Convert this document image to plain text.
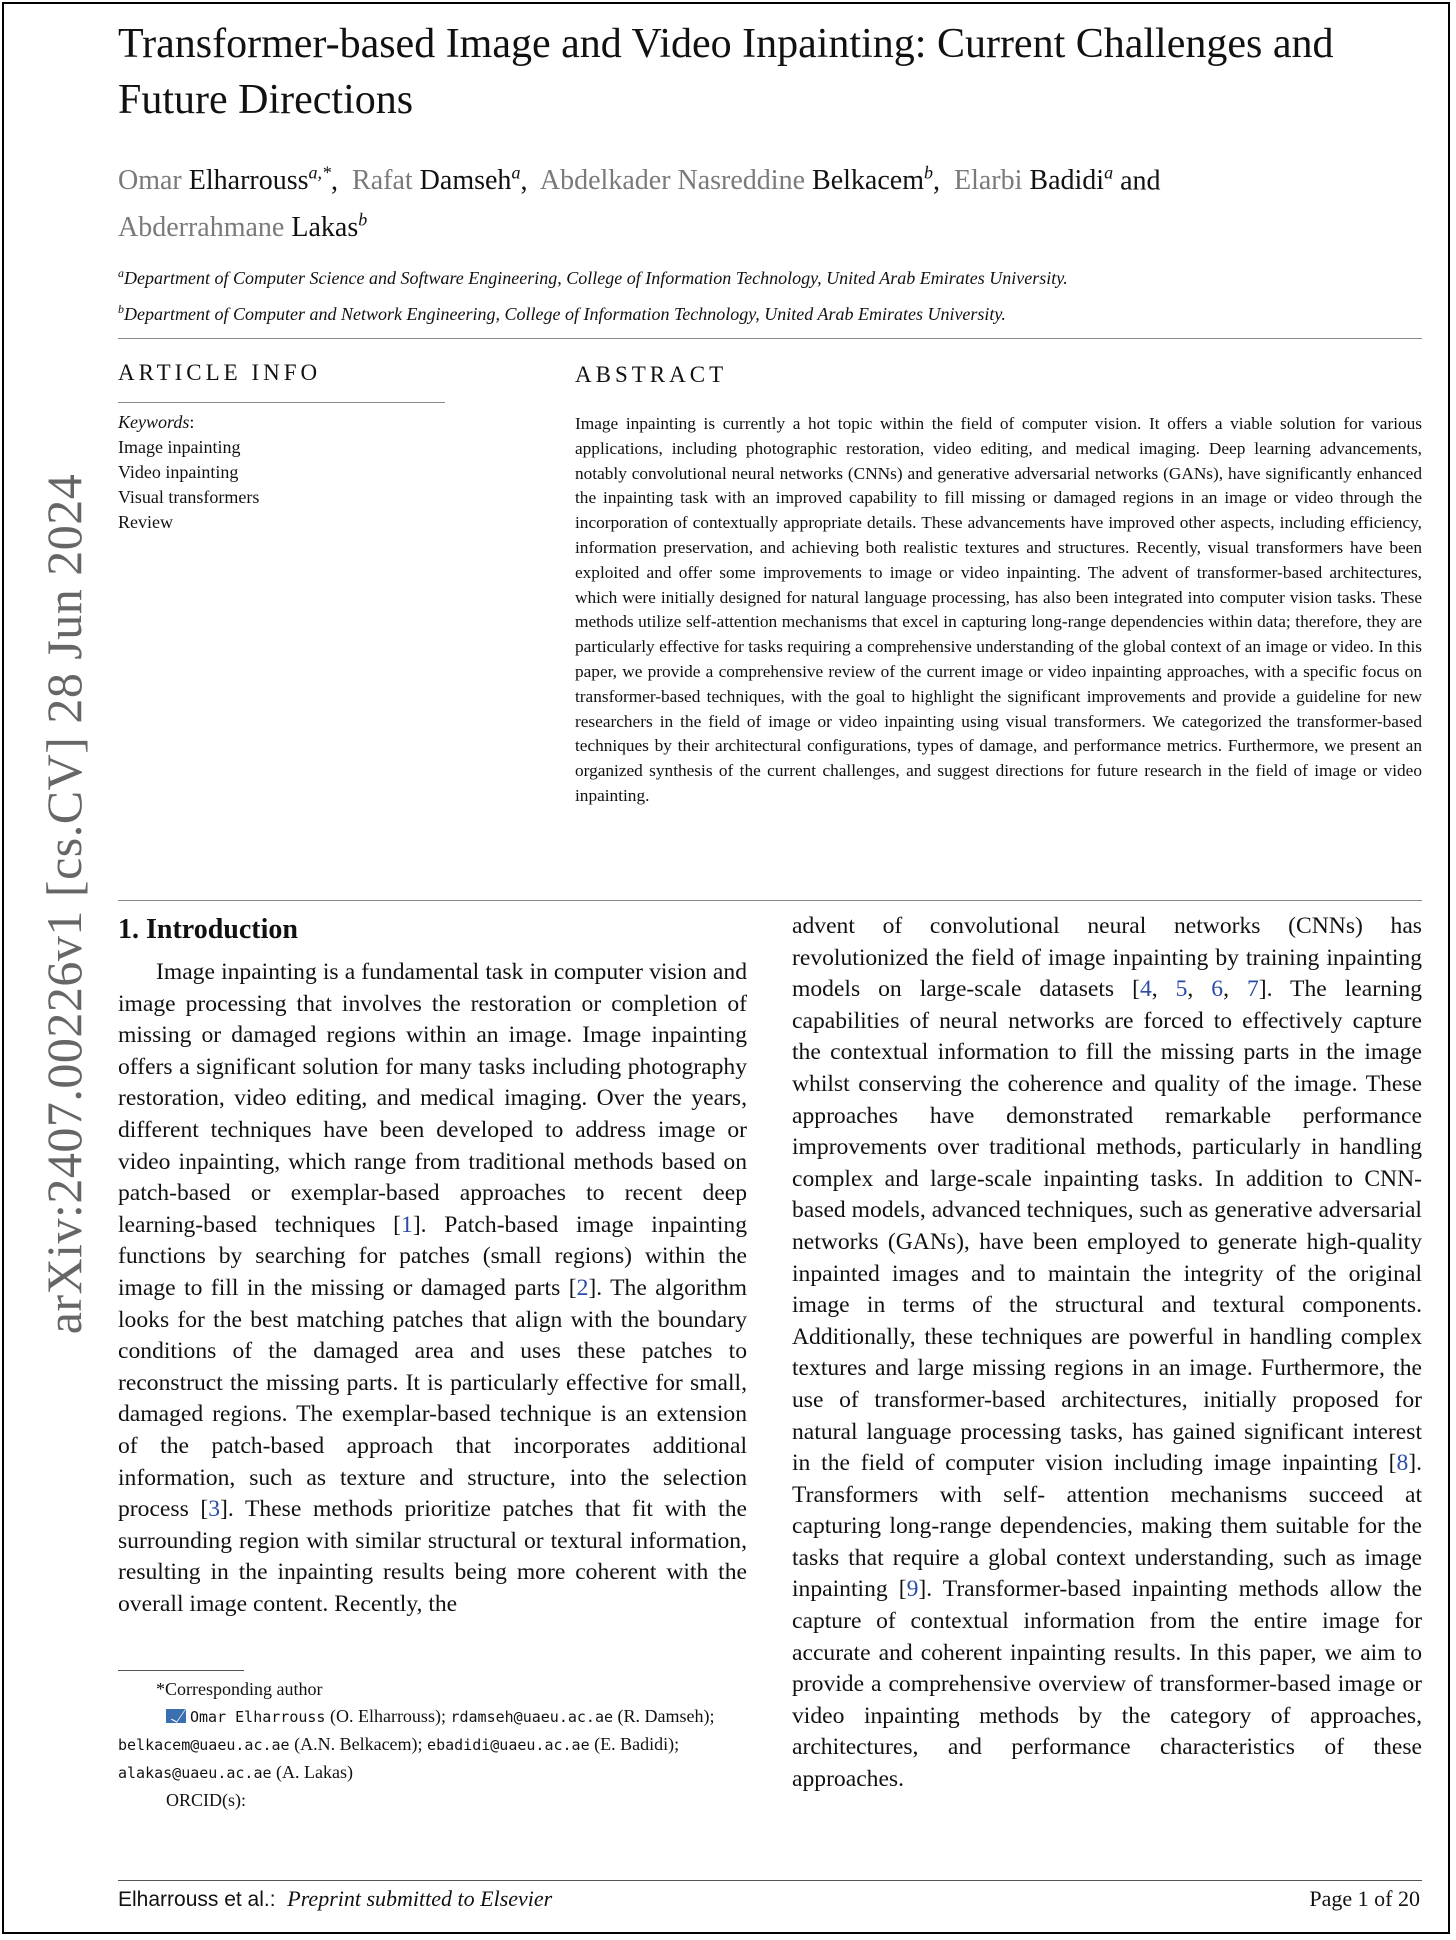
arXiv:2407.00226v1 [cs.CV] 28 Jun 2024
Transformer-based Image and Video Inpainting: Current Challenges and Future Directions
Omar Elharrouss$^{a,*}$,  Rafat Damseh$^a$,  Abdelkader Nasreddine Belkacem$^b$,  Elarbi Badidi$^a$ and
Abderrahmane Lakas$^b$
$^a$Department of Computer Science and Software Engineering, College of Information Technology, United Arab Emirates University.
$^b$Department of Computer and Network Engineering, College of Information Technology, United Arab Emirates University.
ARTICLE INFO
Keywords:
Image inpainting
Video inpainting
Visual transformers
Review
ABSTRACT

Image inpainting is currently a hot topic within the field of computer vision. It offers a viable solution for various applications, including photographic restoration, video editing, and medical imaging. Deep learning advancements, notably convolutional neural networks (CNNs) and generative adversarial networks (GANs), have significantly enhanced the inpainting task with an improved capability to fill missing or damaged regions in an image or video through the incorporation of contextually appropriate details. These advancements have improved other aspects, including efficiency, information preservation, and achieving both realistic textures and structures. Recently, visual transformers have been exploited and offer some improvements to image or video inpainting. The advent of transformer-based architectures, which were initially designed for natural language processing, has also been integrated into computer vision tasks. These methods utilize self-attention mechanisms that excel in capturing long-range dependencies within data; therefore, they are particularly effective for tasks requiring a comprehensive understanding of the global context of an image or video. In this paper, we provide a comprehensive review of the current image or video inpainting approaches, with a specific focus on transformer-based techniques, with the goal to highlight the significant improvements and provide a guideline for new researchers in the field of image or video inpainting using visual transformers. We categorized the transformer-based techniques by their architectural configurations, types of damage, and performance metrics. Furthermore, we present an organized synthesis of the current challenges, and suggest directions for future research in the field of image or video inpainting.

1. Introduction

Image inpainting is a fundamental task in computer vision and image processing that involves the restoration or completion of missing or damaged regions within an image. Image inpainting offers a significant solution for many tasks including photography restoration, video editing, and medical imaging. Over the years, different techniques have been developed to address image or video inpainting, which range from traditional methods based on patch-based or exemplar-based approaches to recent deep learning-based techniques [1]. Patch-based image inpainting functions by searching for patches (small regions) within the image to fill in the missing or damaged parts [2]. The algorithm looks for the best matching patches that align with the boundary conditions of the damaged area and uses these patches to reconstruct the missing parts. It is particularly effective for small, damaged regions. The exemplar-based technique is an extension of the patch-based approach that incorporates additional information, such as texture and structure, into the selection process [3]. These methods prioritize patches that fit with the surrounding region with similar structural or textural information, resulting in the inpainting results being more coherent with the overall image content. Recently, the

advent of convolutional neural networks (CNNs) has revolutionized the field of image inpainting by training inpainting models on large-scale datasets [4, 5, 6, 7]. The learning capabilities of neural networks are forced to effectively capture the contextual information to fill the missing parts in the image whilst conserving the coherence and quality of the image. These approaches have demonstrated remarkable performance improvements over traditional methods, particularly in handling complex and large-scale inpainting tasks. In addition to CNN-based models, advanced techniques, such as generative adversarial networks (GANs), have been employed to generate high-quality inpainted images and to maintain the integrity of the original image in terms of the structural and textural components. Additionally, these techniques are powerful in handling complex textures and large missing regions in an image. Furthermore, the use of transformer-based architectures, initially proposed for natural language processing tasks, has gained significant interest in the field of computer vision including image inpainting [8]. Transformers with self- attention mechanisms succeed at capturing long-range dependencies, making them suitable for the tasks that require a global context understanding, such as image inpainting [9]. Transformer-based inpainting methods allow the capture of contextual information from the entire image for accurate and coherent inpainting results. In this paper, we aim to provide a comprehensive overview of transformer-based image or video inpainting methods by the category of approaches, architectures, and performance characteristics of these approaches.

*Corresponding author
Omar Elharrouss (O. Elharrouss); rdamseh@uaeu.ac.ae (R. Damseh); belkacem@uaeu.ac.ae (A.N. Belkacem); ebadidi@uaeu.ac.ae (E. Badidi); alakas@uaeu.ac.ae (A. Lakas)
ORCID(s):
Elharrouss et al.: Preprint submitted to Elsevier	Page 1 of 20
